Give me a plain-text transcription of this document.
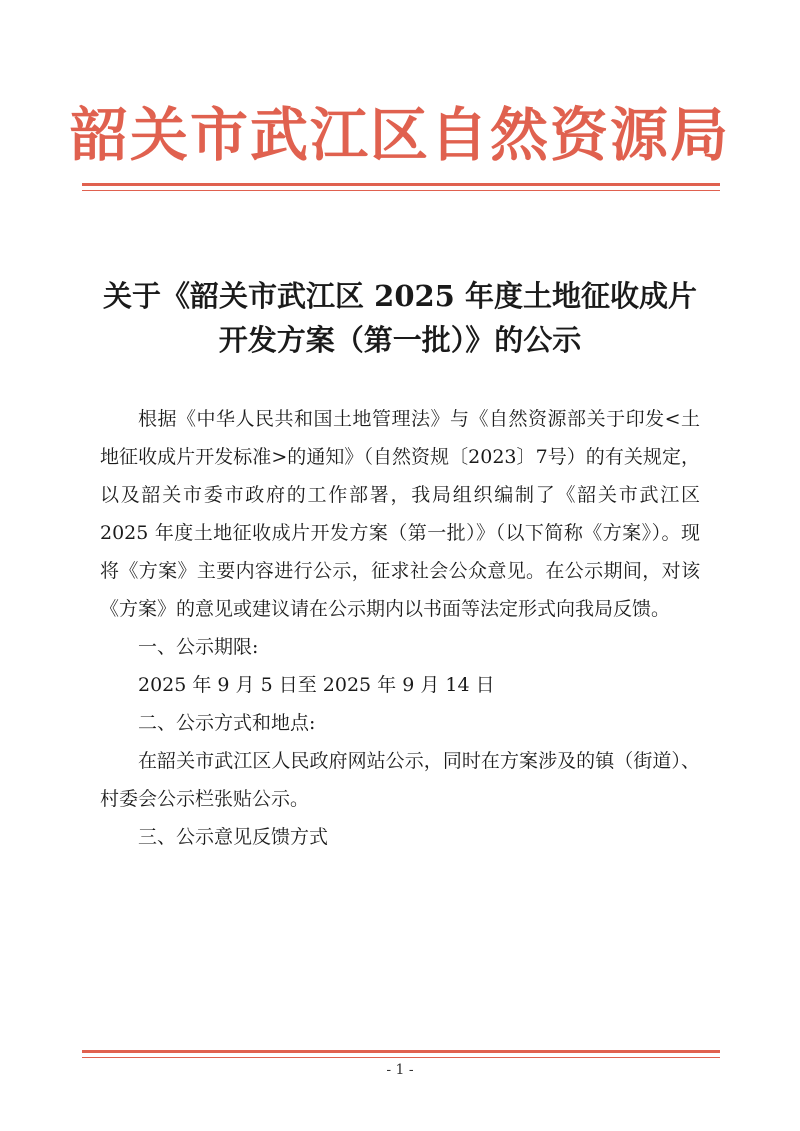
韶关市武江区自然资源局
关于《韶关市武江区 2025 年度土地征收成片
开发方案（第一批）》的公示

根据《中华人民共和国土地管理法》与《自然资源部关于印发<土地征收成片开发标准>的通知》（自然资规〔2023〕7号）的有关规定，以及韶关市委市政府的工作部署，我局组织编制了《韶关市武江区 2025 年度土地征收成片开发方案（第一批）》（以下简称《方案》）。现将《方案》主要内容进行公示，征求社会公众意见。在公示期间，对该《方案》的意见或建议请在公示期内以书面等法定形式向我局反馈。

一、公示期限:

2025 年 9 月 5 日至 2025 年 9 月 14 日

二、公示方式和地点:

在韶关市武江区人民政府网站公示，同时在方案涉及的镇（街道）、村委会公示栏张贴公示。

三、公示意见反馈方式

- 1 -
